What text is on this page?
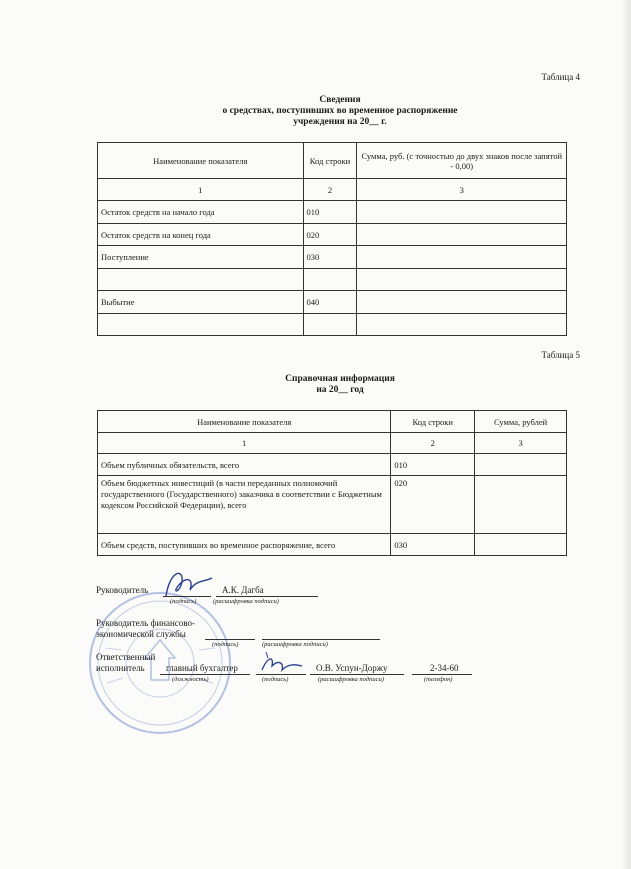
Таблица 4
Сведения
о средствах, поступивших во временное распоряжение
учреждения на 20__ г.
Наименование показателя	Код строки	Сумма, руб. (с точностью до двух знаков после запятой - 0,00)
1	2	3
Остаток средств на начало года	010	
Остаток средств на конец года	020	
Поступление	030	

Выбытие	040	

Таблица 5
Справочная информация
на 20__ год
Наименование показателя	Код строки	Сумма, рублей
1	2	3
Объем публичных обязательств, всего	010	
Объем бюджетных инвестиций (в части переданных полномочий государственного (Государственного) заказчика в соответствии с Бюджетным кодексом Российской Федерации), всего	020	
Объем средств, поступивших во временное распоряжение, всего	030	
Руководитель	А.К. Дагба
(подпись)	(расшифровка подписи)
Руководитель финансово-
экономической службы
(подпись)	(расшифровка подписи)
Ответственный
исполнитель	главный бухгалтер	О.В. Успун-Доржу	2-34-60
(должность)	(подпись)	(расшифровка подписи)	(телефон)
